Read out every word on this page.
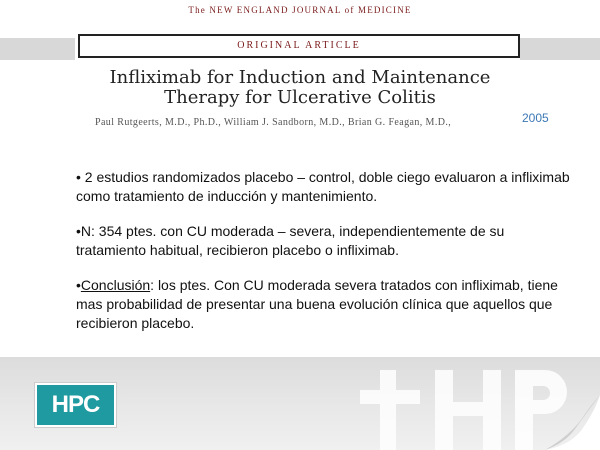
The NEW ENGLAND JOURNAL of MEDICINE
ORIGINAL ARTICLE
Infliximab for Induction and Maintenance
Therapy for Ulcerative Colitis
Paul Rutgeerts, M.D., Ph.D., William J. Sandborn, M.D., Brian G. Feagan, M.D.,	2005

• 2 estudios randomizados placebo – control, doble ciego evaluaron a infliximab como tratamiento de inducción y mantenimiento.

•N: 354 ptes. con CU moderada – severa, independientemente de su tratamiento habitual, recibieron placebo o infliximab.

•Conclusión: los ptes. Con CU moderada severa tratados con infliximab, tiene mas probabilidad de presentar una buena evolución clínica que aquellos que recibieron placebo.

HPC
